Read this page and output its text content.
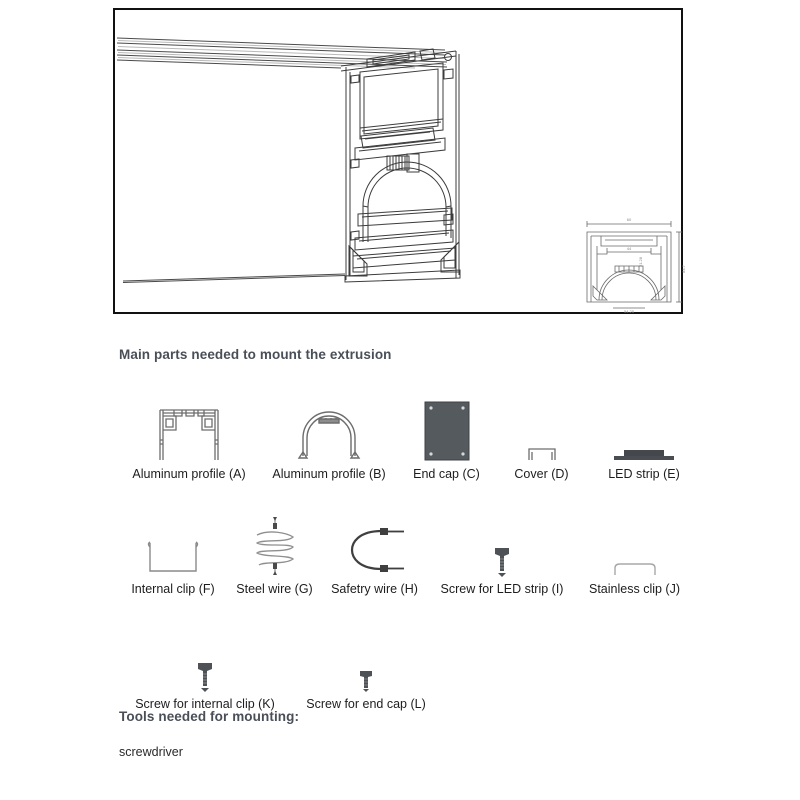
60
44
54.25
84.7
21.28
Main parts needed to mount the extrusion
Aluminum profile (A) Aluminum profile (B) End cap (C)	Cover (D)	LED strip (E)
Internal clip (F) Steel wire (G) Safetry wire (H) Screw for LED strip (I) Stainless clip (J)
Screw for internal clip (K)	Screw for end cap (L)
Tools needed for mounting:
screwdriver
